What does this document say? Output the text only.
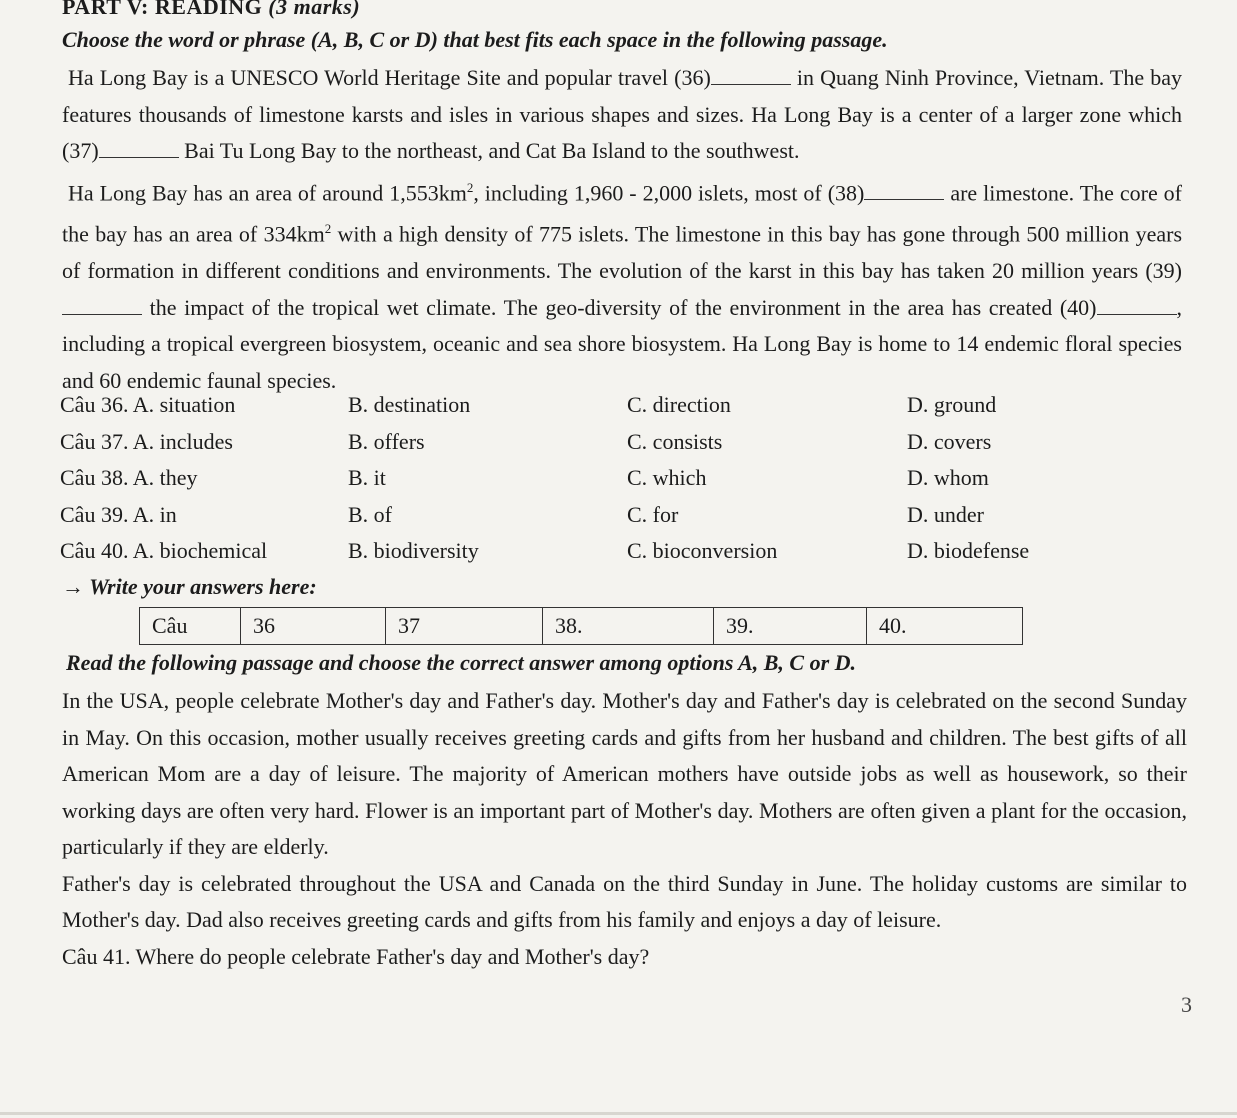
PART V: READING (3 marks)
Choose the word or phrase (A, B, C or D) that best fits each space in the following passage.

Ha Long Bay is a UNESCO World Heritage Site and popular travel (36)	in Quang Ninh Province, Vietnam. The bay features thousands of limestone karsts and isles in various shapes and sizes. Ha Long Bay is a center of a larger zone which (37)	Bai Tu Long Bay to the northeast, and Cat Ba Island to the southwest.

Ha Long Bay has an area of around $1,553km^2$, including 1,960 - 2,000 islets, most of (38)	are limestone. The core of the bay has an area of $334km^2$ with a high density of 775 islets. The limestone in this bay has gone through 500 million years of formation in different conditions and environments. The evolution of the karst in this bay has taken 20 million years (39) the impact of the tropical wet climate. The geo-diversity of the environment in the area has created (40)	, including a tropical evergreen biosystem, oceanic and sea shore biosystem. Ha Long Bay is home to 14 endemic floral species and 60 endemic faunal species.

Câu 36. A. situation	B. destination	C. direction	D. ground
Câu 37. A. includes	B. offers	C. consists	D. covers
Câu 38. A. they	B. it	C. which	D. whom
Câu 39. A. in	B. of	C. for	D. under
Câu 40. A. biochemical	B. biodiversity	C. bioconversion	D. biodefense
→ Write your answers here:
Câu	36	37	38.	39.	40.
Read the following passage and choose the correct answer among options A, B, C or D.

In the USA, people celebrate Mother's day and Father's day. Mother's day and Father's day is celebrated on the second Sunday in May. On this occasion, mother usually receives greeting cards and gifts from her husband and children. The best gifts of all American Mom are a day of leisure. The majority of American mothers have outside jobs as well as housework, so their working days are often very hard. Flower is an important part of Mother's day. Mothers are often given a plant for the occasion, particularly if they are elderly.

Father's day is celebrated throughout the USA and Canada on the third Sunday in June. The holiday customs are similar to Mother's day. Dad also receives greeting cards and gifts from his family and enjoys a day of leisure.

Câu 41. Where do people celebrate Father's day and Mother's day?

3
